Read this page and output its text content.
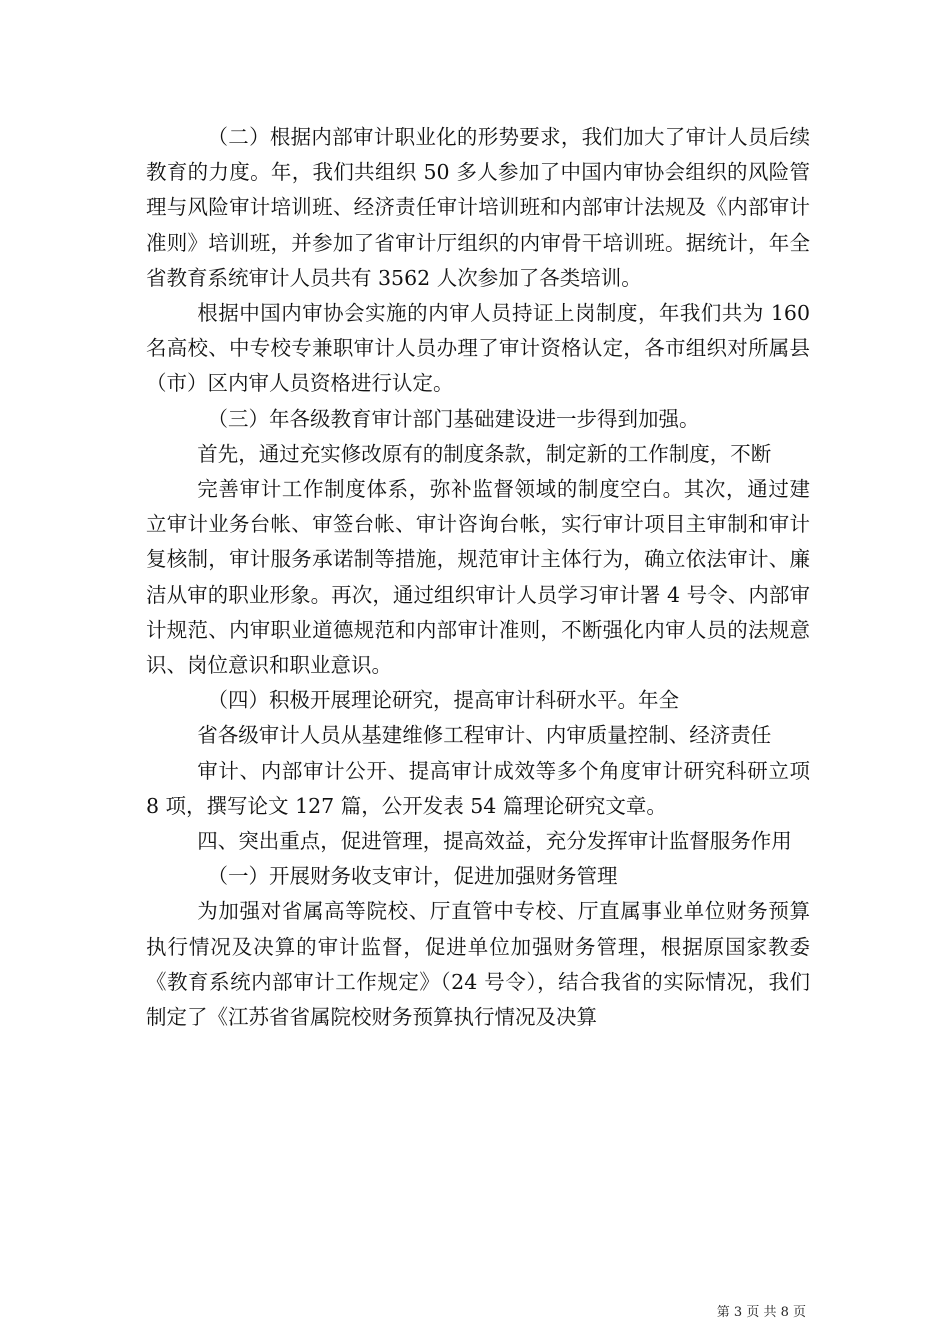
（二）根据内部审计职业化的形势要求，我们加大了审计人员后续教育的力度。年，我们共组织 50 多人参加了中国内审协会组织的风险管理与风险审计培训班、经济责任审计培训班和内部审计法规及《内部审计准则》培训班，并参加了省审计厅组织的内审骨干培训班。据统计，年全省教育系统审计人员共有 3562 人次参加了各类培训。

根据中国内审协会实施的内审人员持证上岗制度，年我们共为 160 名高校、中专校专兼职审计人员办理了审计资格认定，各市组织对所属县（市）区内审人员资格进行认定。

（三）年各级教育审计部门基础建设进一步得到加强。

首先，通过充实修改原有的制度条款，制定新的工作制度，不断

完善审计工作制度体系，弥补监督领域的制度空白。其次，通过建立审计业务台帐、审签台帐、审计咨询台帐，实行审计项目主审制和审计复核制，审计服务承诺制等措施，规范审计主体行为，确立依法审计、廉洁从审的职业形象。再次，通过组织审计人员学习审计署 4 号令、内部审计规范、内审职业道德规范和内部审计准则，不断强化内审人员的法规意识、岗位意识和职业意识。

（四）积极开展理论研究，提高审计科研水平。年全

省各级审计人员从基建维修工程审计、内审质量控制、经济责任

审计、内部审计公开、提高审计成效等多个角度审计研究科研立项 8 项，撰写论文 127 篇，公开发表 54 篇理论研究文章。

四、突出重点，促进管理，提高效益，充分发挥审计监督服务作用

（一）开展财务收支审计，促进加强财务管理

为加强对省属高等院校、厅直管中专校、厅直属事业单位财务预算执行情况及决算的审计监督，促进单位加强财务管理，根据原国家教委《教育系统内部审计工作规定》（24 号令），结合我省的实际情况，我们制定了《江苏省省属院校财务预算执行情况及决算

第 3 页 共 8 页
